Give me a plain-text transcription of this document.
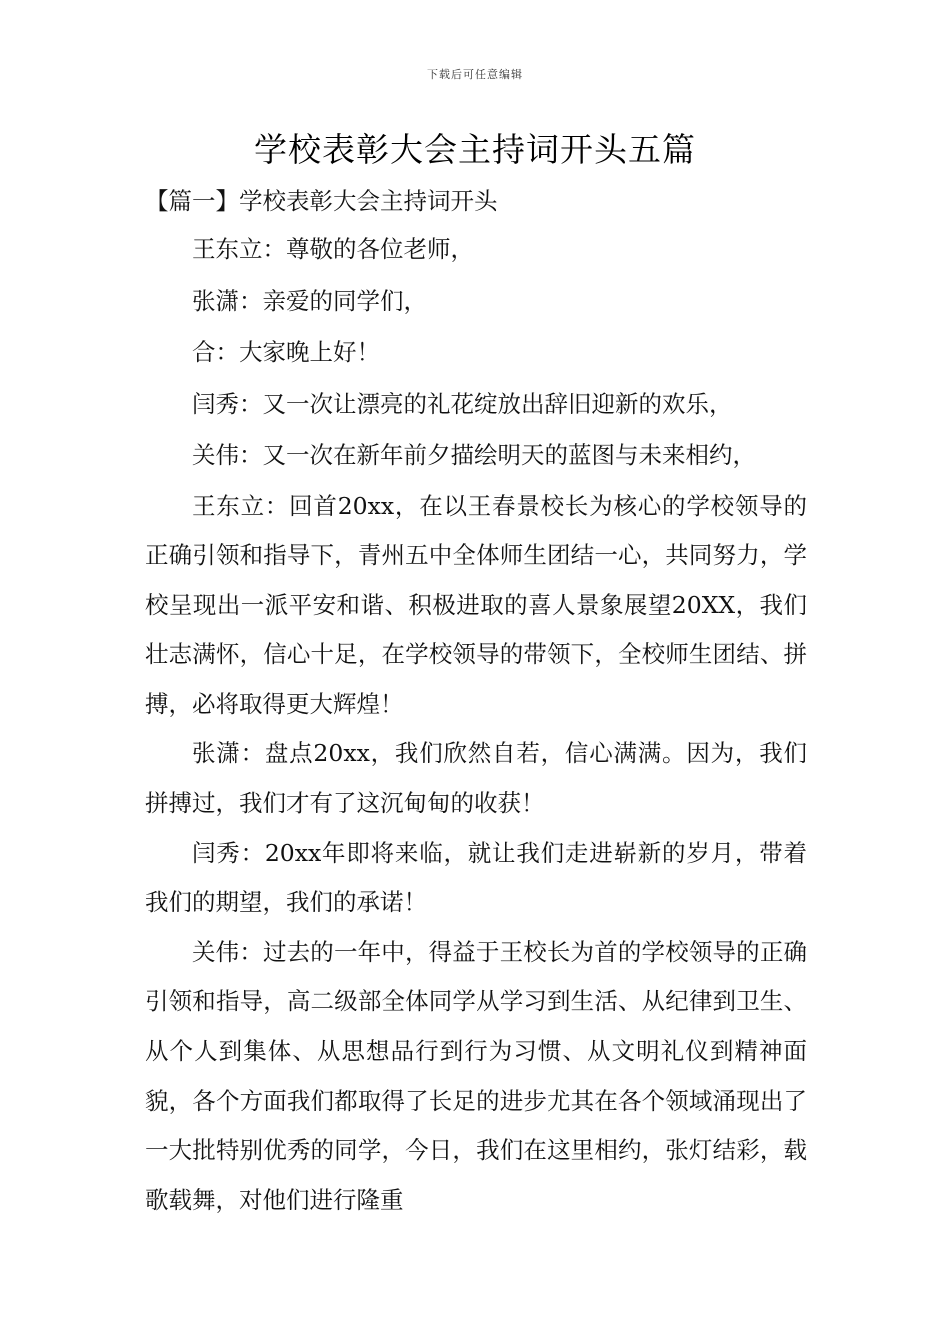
下载后可任意编辑
学校表彰大会主持词开头五篇
【篇一】学校表彰大会主持词开头

王东立：尊敬的各位老师，

张潇：亲爱的同学们，

合：大家晚上好！

闫秀：又一次让漂亮的礼花绽放出辞旧迎新的欢乐，

关伟：又一次在新年前夕描绘明天的蓝图与未来相约，

王东立：回首20xx，在以王春景校长为核心的学校领导的正确引领和指导下，青州五中全体师生团结一心，共同努力，学校呈现出一派平安和谐、积极进取的喜人景象展望20XX，我们壮志满怀，信心十足，在学校领导的带领下，全校师生团结、拼搏，必将取得更大辉煌！

张潇：盘点20xx，我们欣然自若，信心满满。因为，我们拼搏过，我们才有了这沉甸甸的收获！

闫秀：20xx年即将来临，就让我们走进崭新的岁月，带着我们的期望，我们的承诺！

关伟：过去的一年中，得益于王校长为首的学校领导的正确引领和指导，高二级部全体同学从学习到生活、从纪律到卫生、从个人到集体、从思想品行到行为习惯、从文明礼仪到精神面貌，各个方面我们都取得了长足的进步尤其在各个领域涌现出了一大批特别优秀的同学，今日，我们在这里相约，张灯结彩，载歌载舞，对他们进行隆重
